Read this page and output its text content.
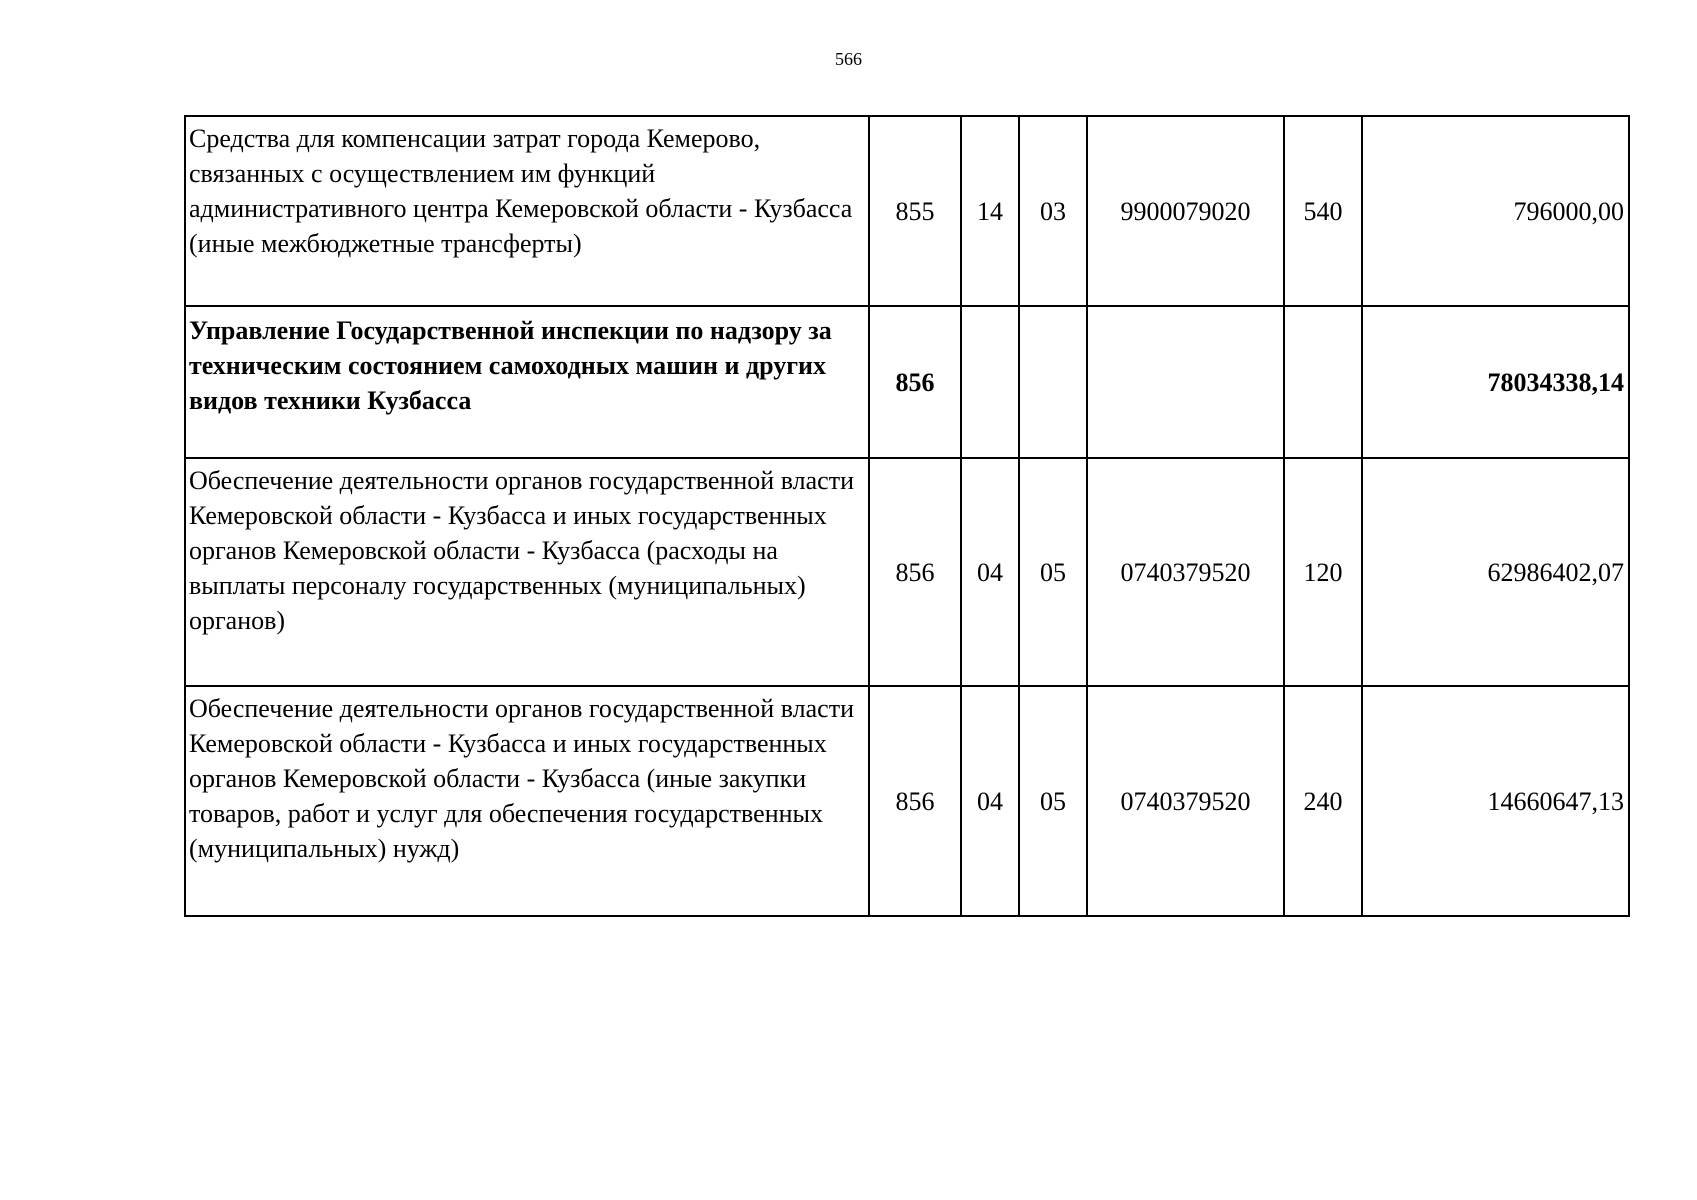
566
Средства для компенсации затрат города Кемерово, связанных с осуществлением им функций административного центра Кемеровской области - Кузбасса (иные межбюджетные трансферты)	855	14	03	9900079020	540	796000,00
Управление Государственной инспекции по надзору за техническим состоянием самоходных машин и других видов техники Кузбасса	856					78034338,14
Обеспечение деятельности органов государственной власти Кемеровской области - Кузбасса и иных государственных органов Кемеровской области - Кузбасса (расходы на выплаты персоналу государственных (муниципальных) органов)	856	04	05	0740379520	120	62986402,07
Обеспечение деятельности органов государственной власти Кемеровской области - Кузбасса и иных государственных органов Кемеровской области - Кузбасса (иные закупки товаров, работ и услуг для обеспечения государственных (муниципальных) нужд)	856	04	05	0740379520	240	14660647,13
